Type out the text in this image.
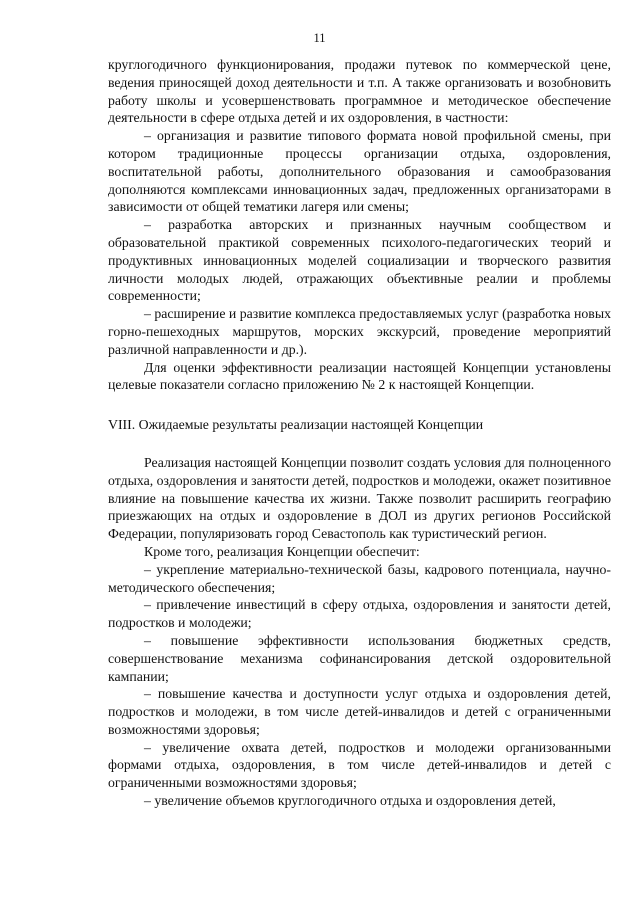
11

круглогодичного функционирования, продажи путевок по коммерческой цене, ведения приносящей доход деятельности и т.п. А также организовать и возобновить работу школы и усовершенствовать программное и методическое обеспечение деятельности в сфере отдыха детей и их оздоровления, в частности:

– организация и развитие типового формата новой профильной смены, при котором традиционные процессы организации отдыха, оздоровления, воспитательной работы, дополнительного образования и самообразования дополняются комплексами инновационных задач, предложенных организаторами в зависимости от общей тематики лагеря или смены;

– разработка авторских и признанных научным сообществом и образовательной практикой современных психолого-педагогических теорий и продуктивных инновационных моделей социализации и творческого развития личности молодых людей, отражающих объективные реалии и проблемы современности;

– расширение и развитие комплекса предоставляемых услуг (разработка новых горно-пешеходных маршрутов, морских экскурсий, проведение мероприятий различной направленности и др.).

Для оценки эффективности реализации настоящей Концепции установлены целевые показатели согласно приложению № 2 к настоящей Концепции.

VIII. Ожидаемые результаты реализации настоящей Концепции

Реализация настоящей Концепции позволит создать условия для полноценного отдыха, оздоровления и занятости детей, подростков и молодежи, окажет позитивное влияние на повышение качества их жизни. Также позволит расширить географию приезжающих на отдых и оздоровление в ДОЛ из других регионов Российской Федерации, популяризовать город Севастополь как туристический регион.

Кроме того, реализация Концепции обеспечит:

– укрепление материально-технической базы, кадрового потенциала, научно-методического обеспечения;

– привлечение инвестиций в сферу отдыха, оздоровления и занятости детей, подростков и молодежи;

– повышение эффективности использования бюджетных средств, совершенствование механизма софинансирования детской оздоровительной кампании;

– повышение качества и доступности услуг отдыха и оздоровления детей, подростков и молодежи, в том числе детей-инвалидов и детей с ограниченными возможностями здоровья;

– увеличение охвата детей, подростков и молодежи организованными формами отдыха, оздоровления, в том числе детей-инвалидов и детей с ограниченными возможностями здоровья;

– увеличение объемов круглогодичного отдыха и оздоровления детей,
